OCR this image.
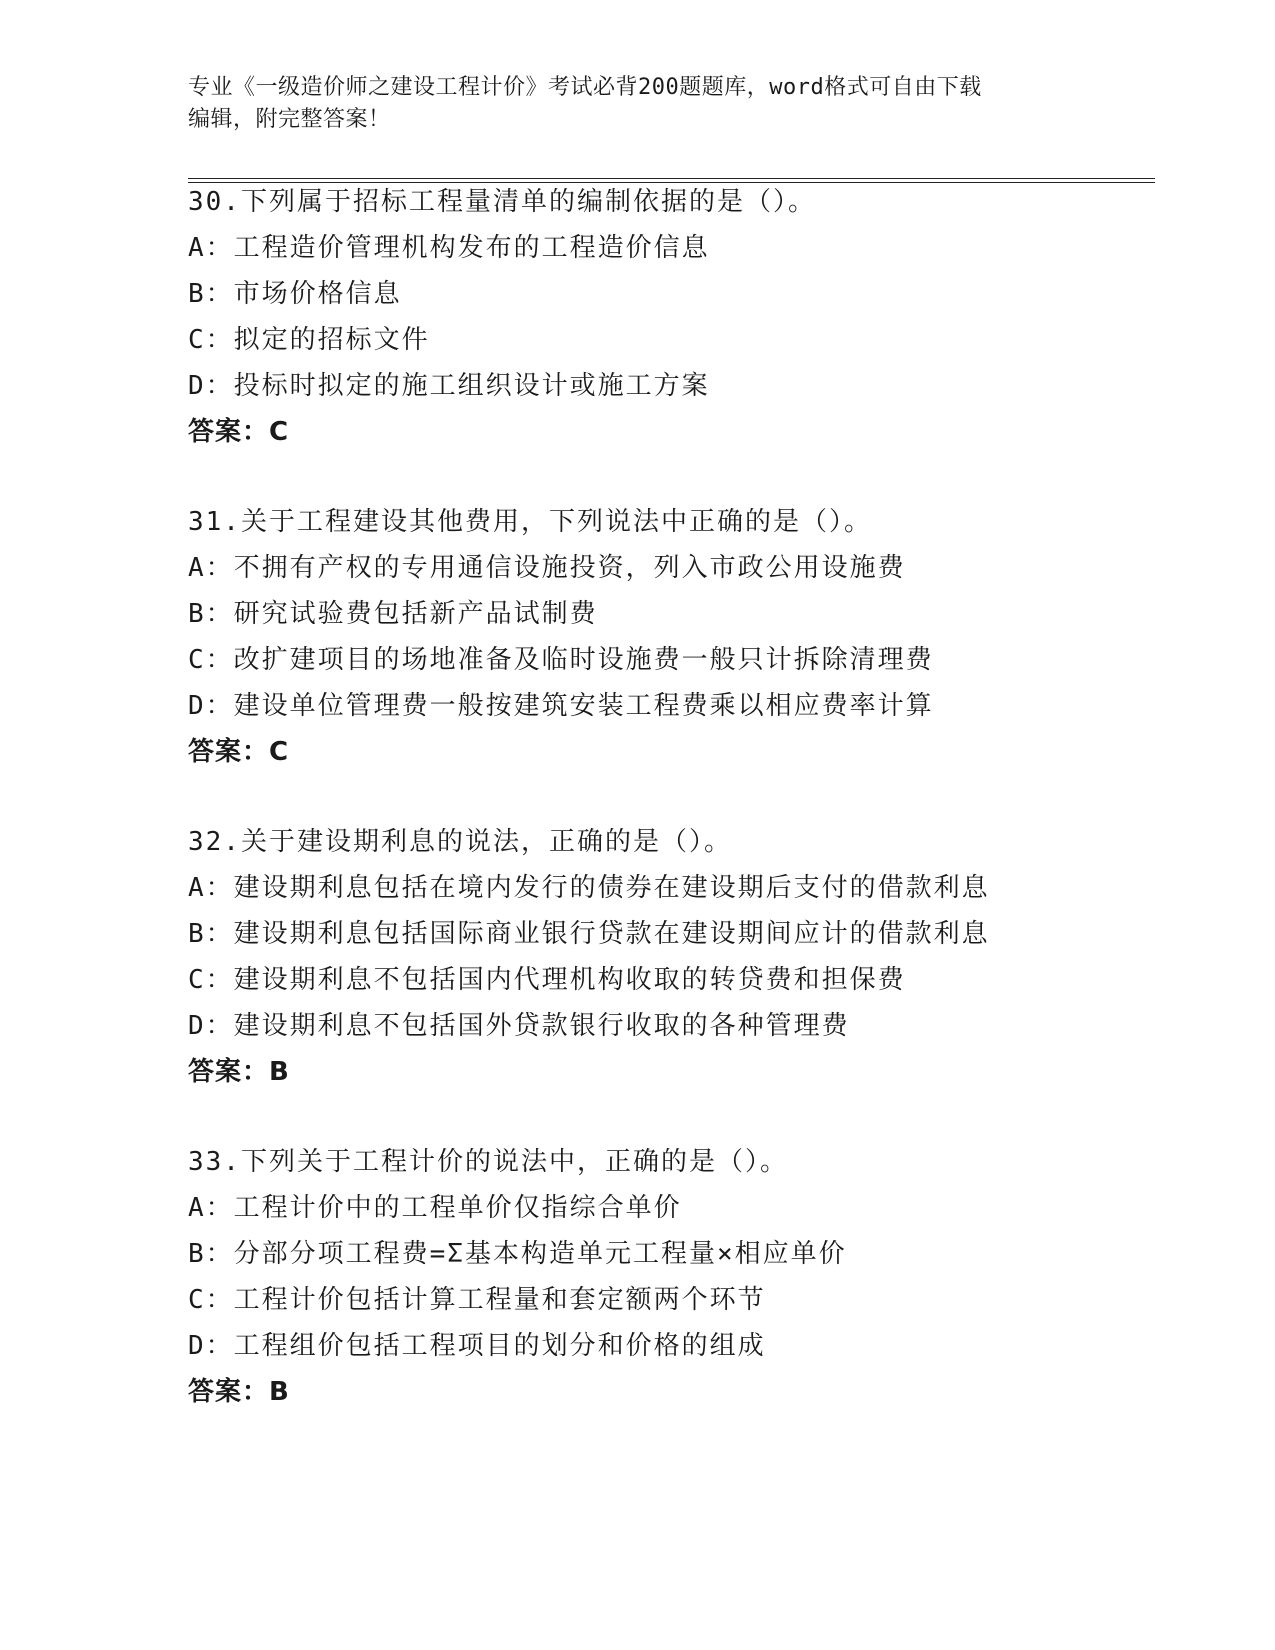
专业《一级造价师之建设工程计价》考试必背200题题库，word格式可自由下载
编辑，附完整答案！
30.下列属于招标工程量清单的编制依据的是（）。
A：工程造价管理机构发布的工程造价信息
B：市场价格信息
C：拟定的招标文件
D：投标时拟定的施工组织设计或施工方案
答案：C
31.关于工程建设其他费用，下列说法中正确的是（）。
A：不拥有产权的专用通信设施投资，列入市政公用设施费
B：研究试验费包括新产品试制费
C：改扩建项目的场地准备及临时设施费一般只计拆除清理费
D：建设单位管理费一般按建筑安装工程费乘以相应费率计算
答案：C
32.关于建设期利息的说法，正确的是（）。
A：建设期利息包括在境内发行的债券在建设期后支付的借款利息
B：建设期利息包括国际商业银行贷款在建设期间应计的借款利息
C：建设期利息不包括国内代理机构收取的转贷费和担保费
D：建设期利息不包括国外贷款银行收取的各种管理费
答案：B
33.下列关于工程计价的说法中，正确的是（）。
A：工程计价中的工程单价仅指综合单价
B：分部分项工程费=Σ基本构造单元工程量×相应单价
C：工程计价包括计算工程量和套定额两个环节
D：工程组价包括工程项目的划分和价格的组成
答案：B
